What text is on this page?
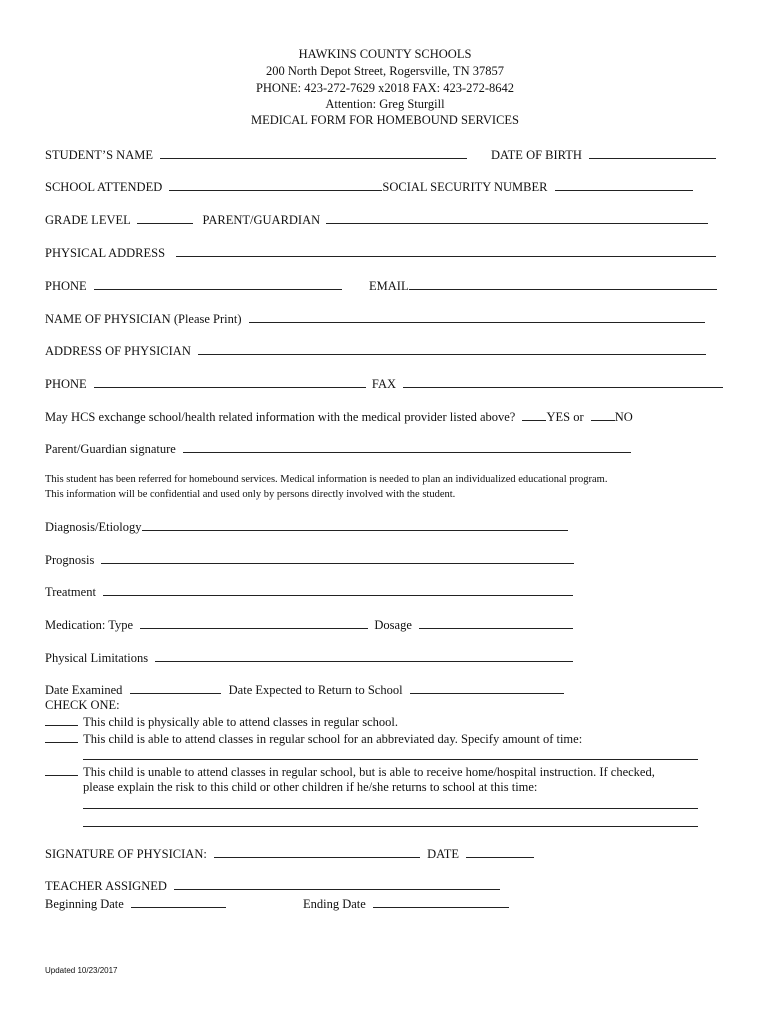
HAWKINS COUNTY SCHOOLS
200 North Depot Street, Rogersville, TN 37857
PHONE: 423-272-7629 x2018 FAX: 423-272-8642
Attention: Greg Sturgill
MEDICAL FORM FOR HOMEBOUND SERVICES
STUDENT’S NAME	DATE OF BIRTH
SCHOOL ATTENDED	SOCIAL SECURITY NUMBER
GRADE LEVEL	PARENT/GUARDIAN
PHYSICAL ADDRESS
PHONE	EMAIL
NAME OF PHYSICIAN (Please Print)
ADDRESS OF PHYSICIAN
PHONE	FAX
May HCS exchange school/health related information with the medical provider listed above? YES or NO
Parent/Guardian signature
This student has been referred for homebound services. Medical information is needed to plan an individualized educational program.
This information will be confidential and used only by persons directly involved with the student.
Diagnosis/Etiology
Prognosis
Treatment
Medication: Type	Dosage
Physical Limitations
Date Examined	Date Expected to Return to School
CHECK ONE:
This child is physically able to attend classes in regular school.
This child is able to attend classes in regular school for an abbreviated day. Specify amount of time:
This child is unable to attend classes in regular school, but is able to receive home/hospital instruction. If checked,
please explain the risk to this child or other children if he/she returns to school at this time:
SIGNATURE OF PHYSICIAN:	DATE
TEACHER ASSIGNED
Beginning Date	Ending Date
Updated 10/23/2017
